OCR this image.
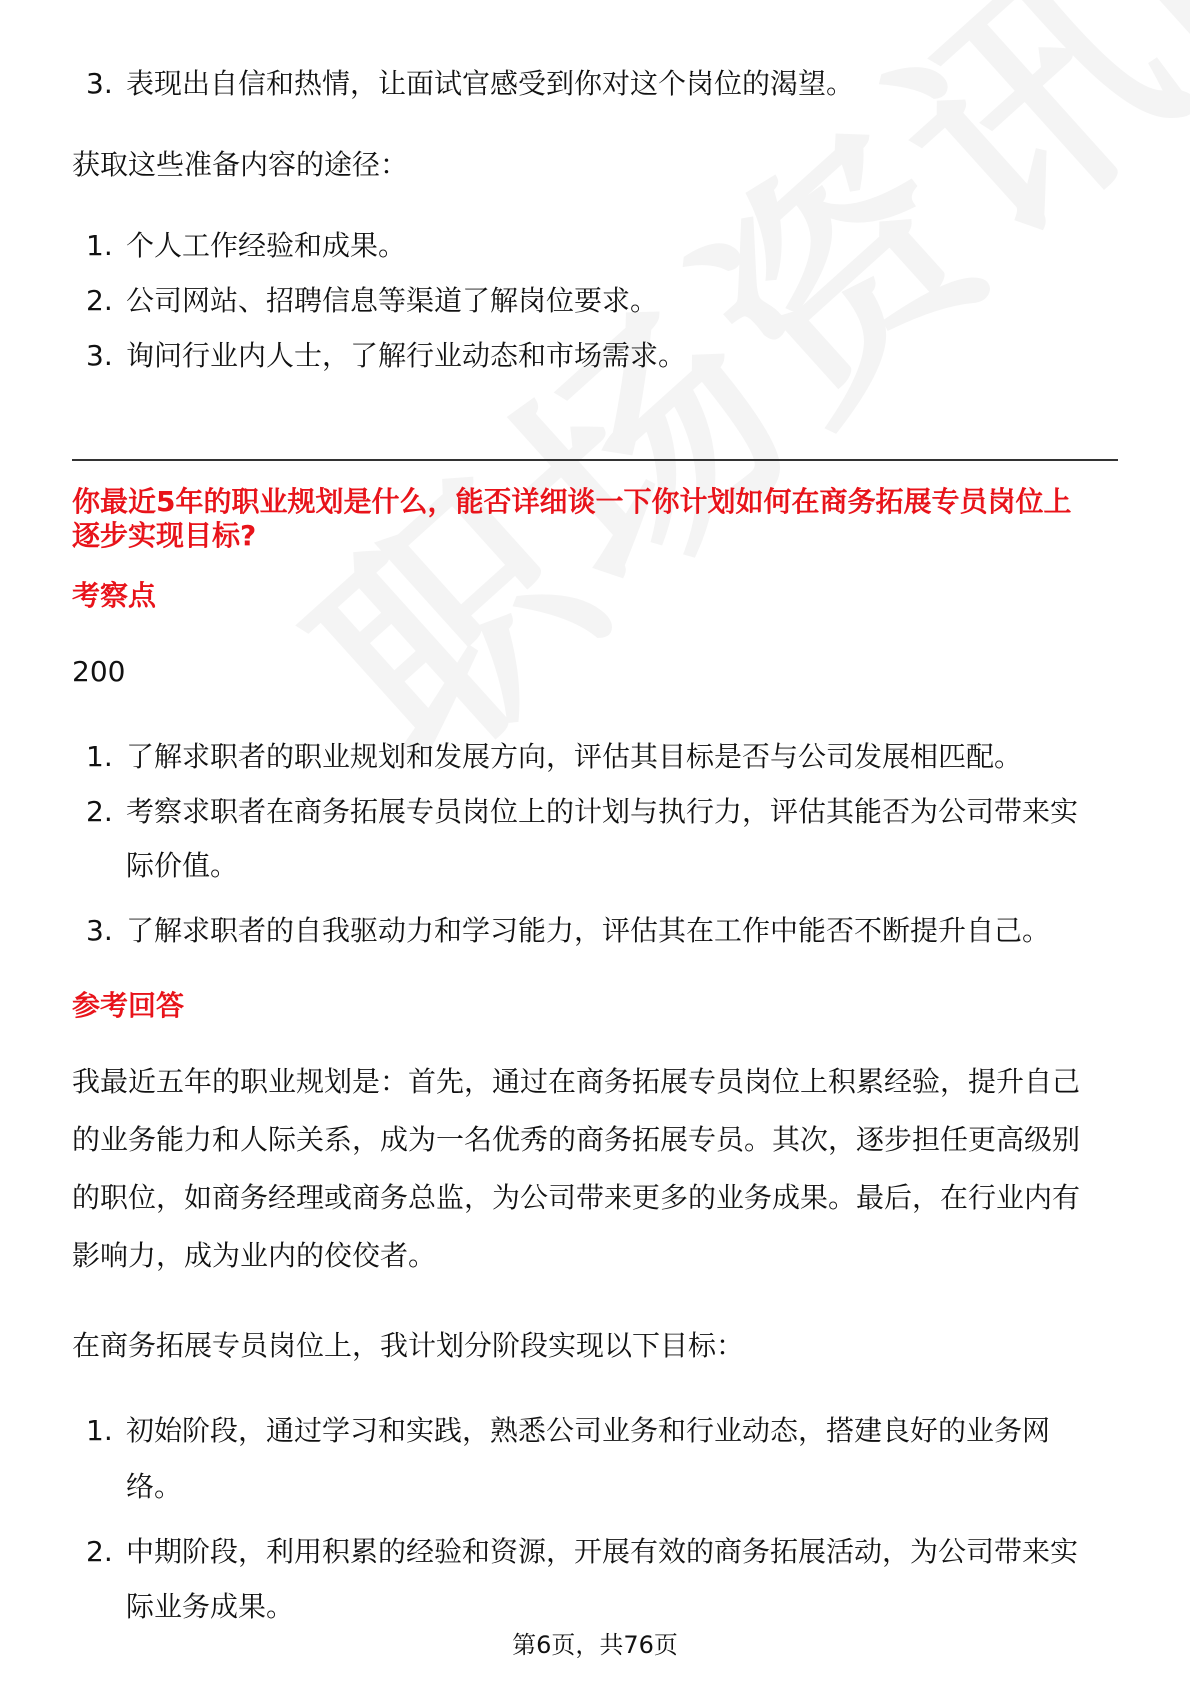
3. 表现出自信和热情，让面试官感受到你对这个岗位的渴望。
获取这些准备内容的途径：
1. 个人工作经验和成果。
2. 公司网站、招聘信息等渠道了解岗位要求。
3. 询问行业内人士，了解行业动态和市场需求。
你最近5年的职业规划是什么，能否详细谈一下你计划如何在商务拓展专员岗位上
逐步实现目标?
考察点
200
1. 了解求职者的职业规划和发展方向，评估其目标是否与公司发展相匹配。
2. 考察求职者在商务拓展专员岗位上的计划与执行力，评估其能否为公司带来实
际价值。
3. 了解求职者的自我驱动力和学习能力，评估其在工作中能否不断提升自己。
参考回答
我最近五年的职业规划是：首先，通过在商务拓展专员岗位上积累经验，提升自己
的业务能力和人际关系，成为一名优秀的商务拓展专员。其次，逐步担任更高级别
的职位，如商务经理或商务总监，为公司带来更多的业务成果。最后，在行业内有
影响力，成为业内的佼佼者。
在商务拓展专员岗位上，我计划分阶段实现以下目标：
1. 初始阶段，通过学习和实践，熟悉公司业务和行业动态，搭建良好的业务网
络。
2. 中期阶段，利用积累的经验和资源，开展有效的商务拓展活动，为公司带来实
际业务成果。
第6页，共76页
